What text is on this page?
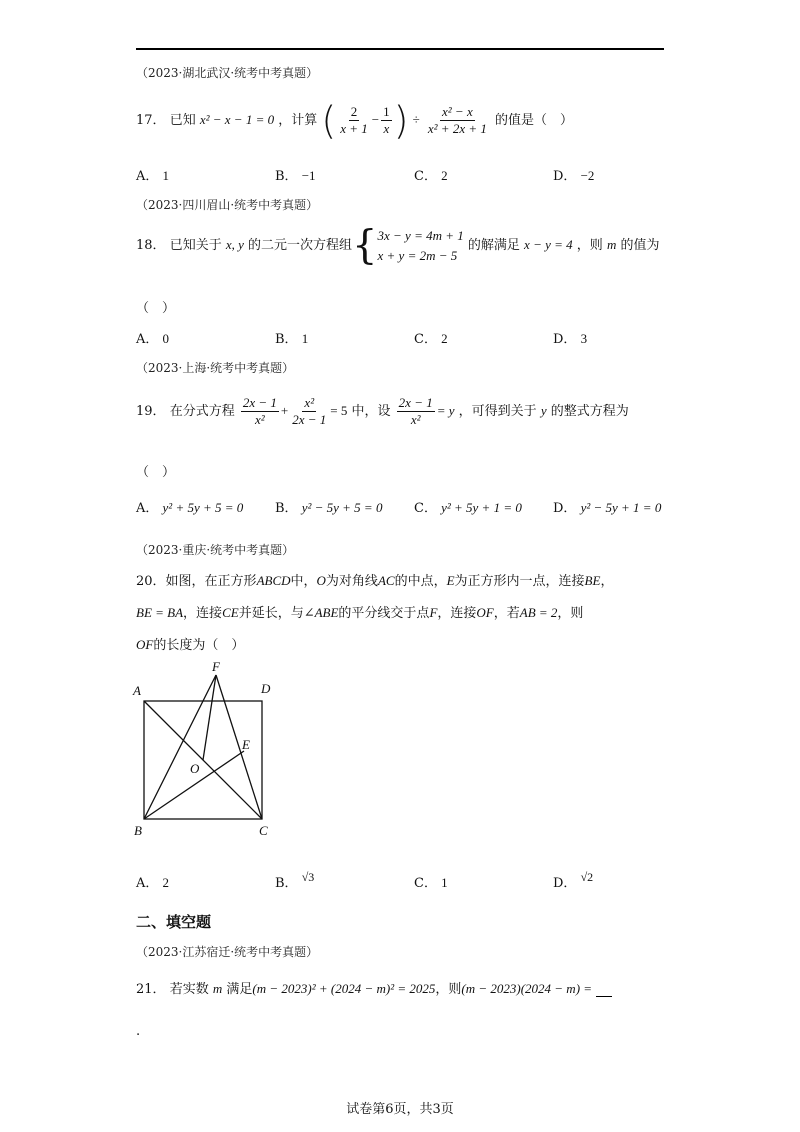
（2023·湖北武汉·统考中考真题）
17． 已知 x² − x − 1 = 0 ，计算 ( $\frac{2}{x + 1} - \frac{1}{x}$ ) ÷ $\frac{\text{x² − x}}{\text{x² + 2x + 1}}$ 的值是（　）
A． 1	B． −1	C． 2	D． −2
（2023·四川眉山·统考中考真题）
18． 已知关于 x, y 的二元一次方程组{ 3x − y = 4m + 1
x + y = 2m − 5
的解满足 x − y = 4 ，则 m 的值为
（　）
A． 0	B． 1	C． 2	D． 3
（2023·上海·统考中考真题）
19． 在分式方程 $\frac{2x - 1}{\text{x²}} + \frac{\text{x²}}{2x - 1} = 5$ 中，设 $\frac{2x - 1}{\text{x²}} = y$ ，可得到关于 y 的整式方程为
（　）
A． y² + 5y + 5 = 0 B． y² − 5y + 5 = 0 C． y² + 5y + 1 = 0 D． y² − 5y + 1 = 0
（2023·重庆·统考中考真题）
20．如图，在正方形ABCD中，O为对角线AC的中点，E为正方形内一点，连接BE，
BE = BA，连接CE并延长，与∠ABE的平分线交于点F，连接OF，若AB = 2，则
OF的长度为（　）
A	D
F
E
O
B	C
A． 2	B． √3	C． 1	D． √2
二、填空题
（2023·江苏宿迁·统考中考真题）
21． 若实数 m 满足(m − 2023)² + (2024 − m)² = 2025，则(m − 2023)(2024 − m) =
.
试卷第6页，共3页
